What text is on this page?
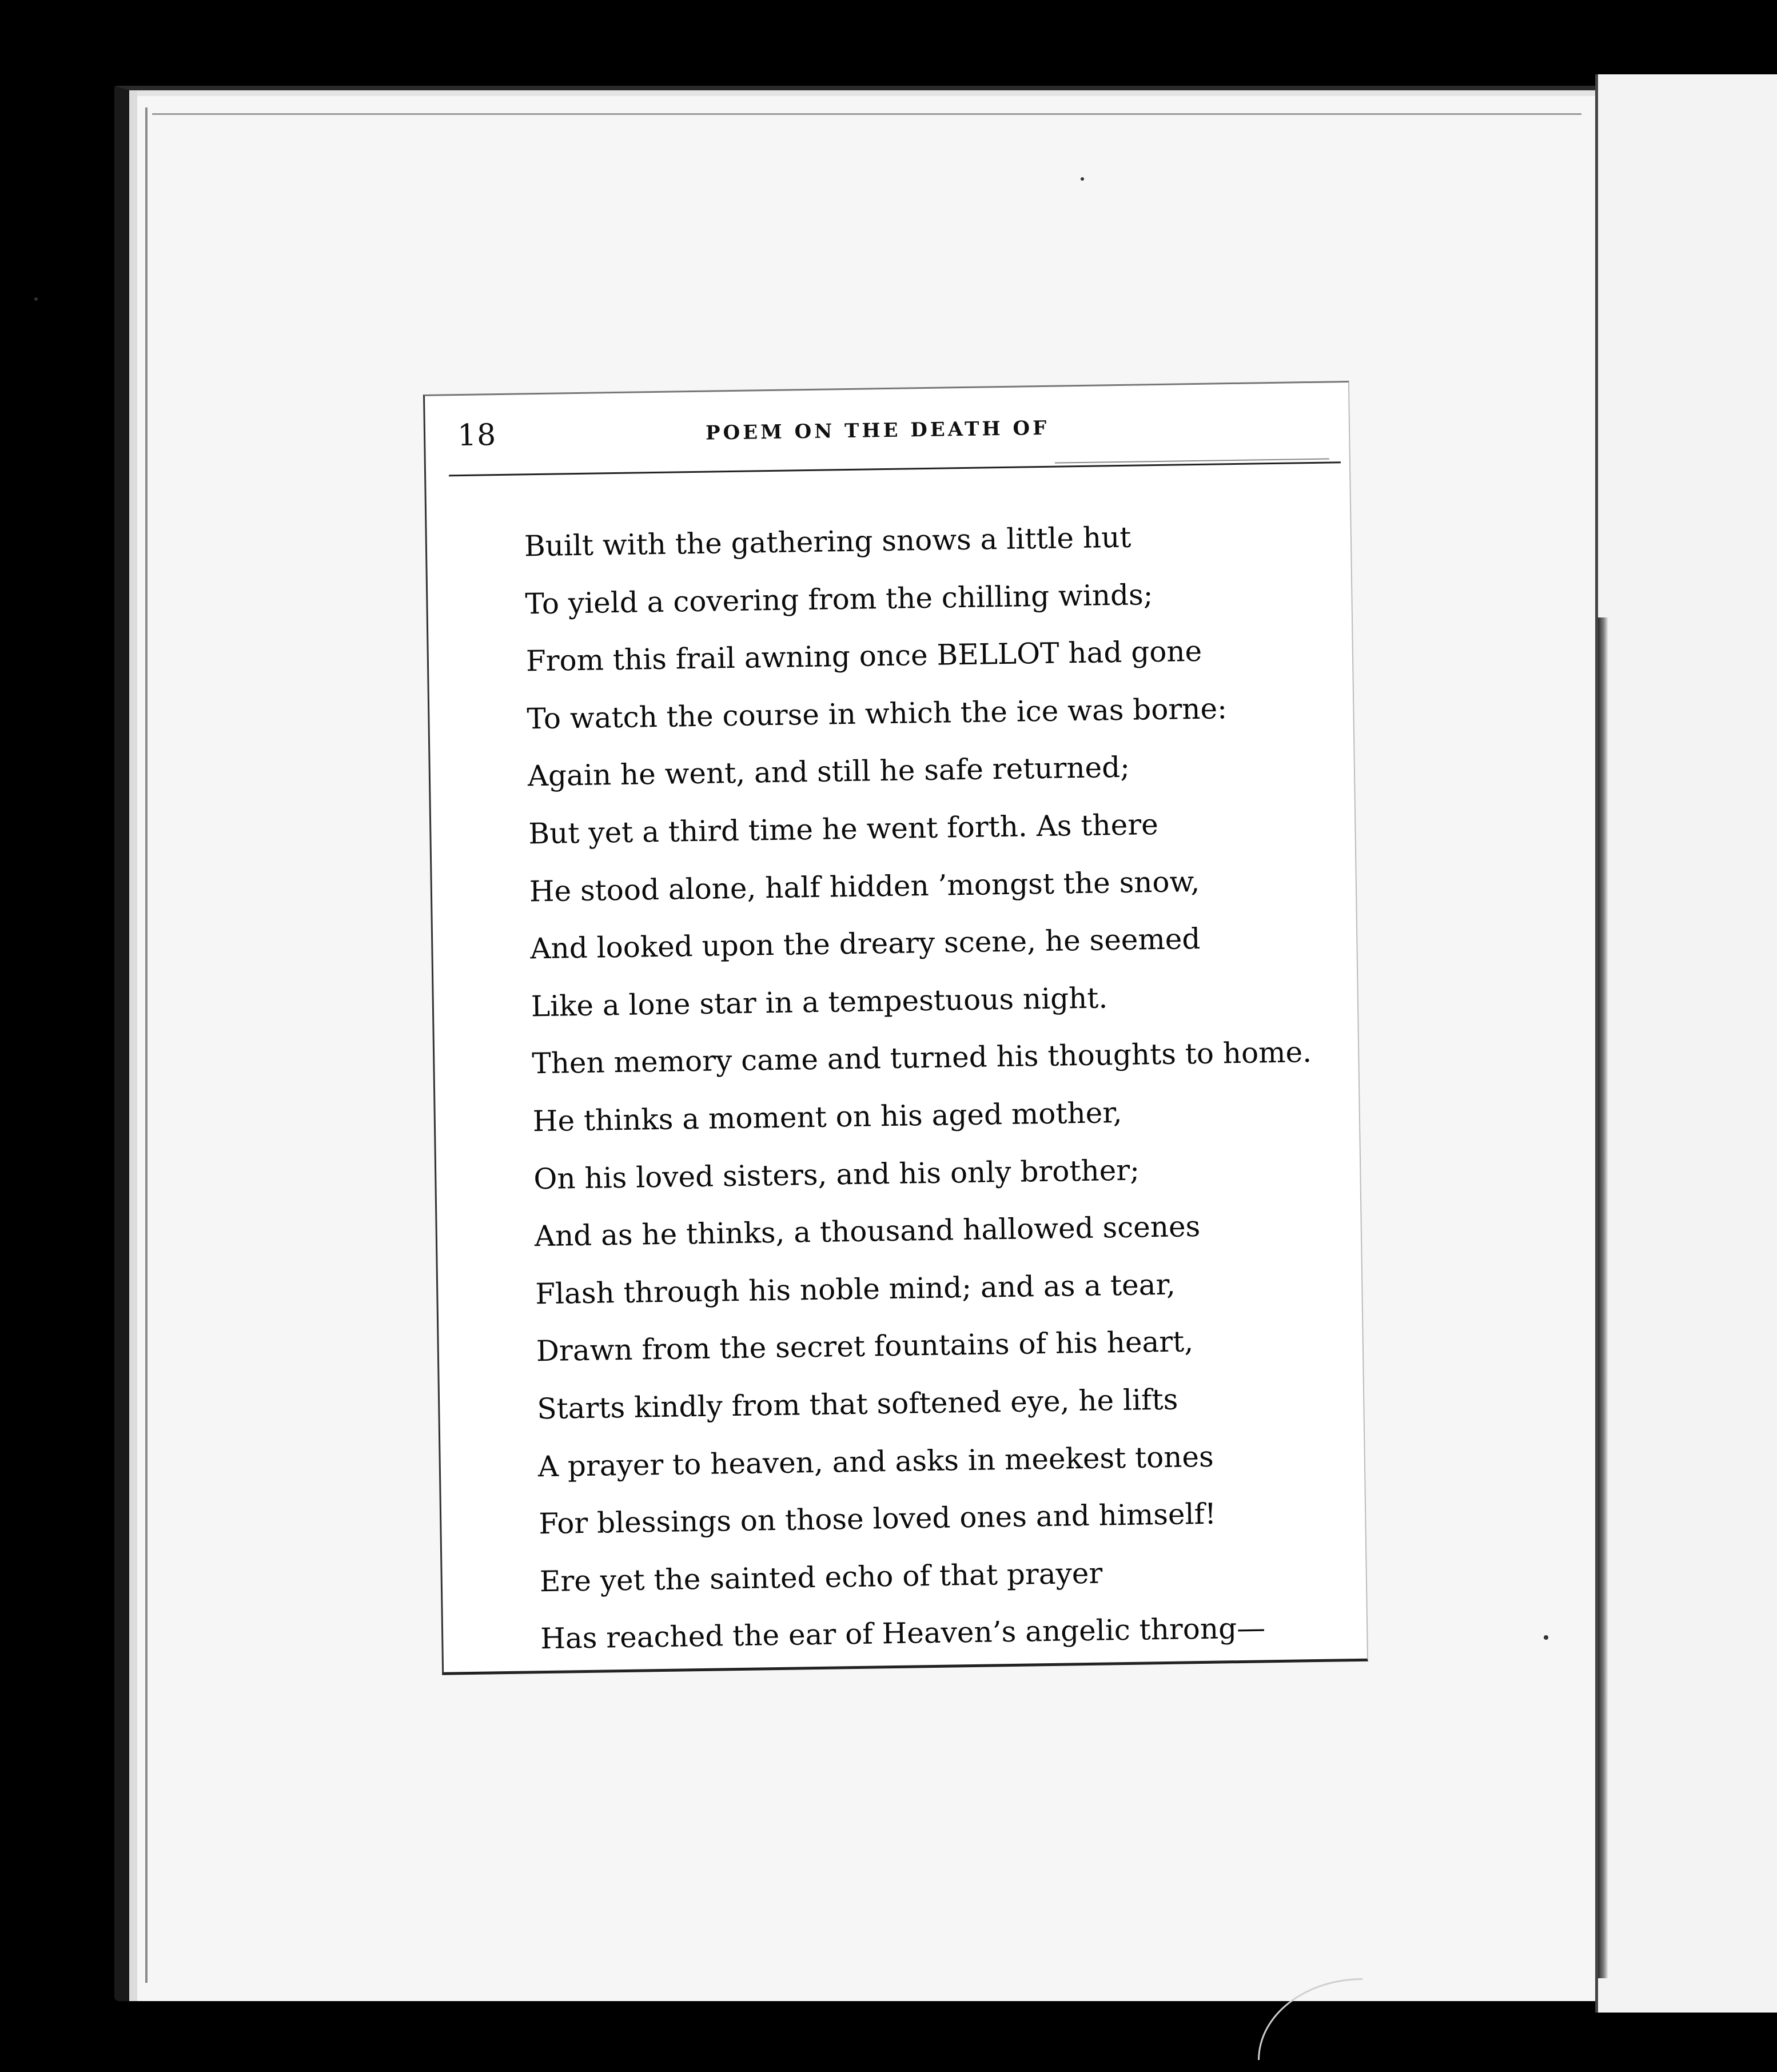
18	POEM ON THE DEATH OF
Built with the gathering snows a little hut
To yield a covering from the chilling winds;
From this frail awning once BELLOT had gone
To watch the course in which the ice was borne:
Again he went, and still he safe returned;
But yet a third time he went forth. As there
He stood alone, half hidden ’mongst the snow,
And looked upon the dreary scene, he seemed
Like a lone star in a tempestuous night.
Then memory came and turned his thoughts to home.
He thinks a moment on his aged mother,
On his loved sisters, and his only brother;
And as he thinks, a thousand hallowed scenes
Flash through his noble mind; and as a tear,
Drawn from the secret fountains of his heart,
Starts kindly from that softened eye, he lifts
A prayer to heaven, and asks in meekest tones
For blessings on those loved ones and himself!
Ere yet the sainted echo of that prayer
Has reached the ear of Heaven’s angelic throng—
